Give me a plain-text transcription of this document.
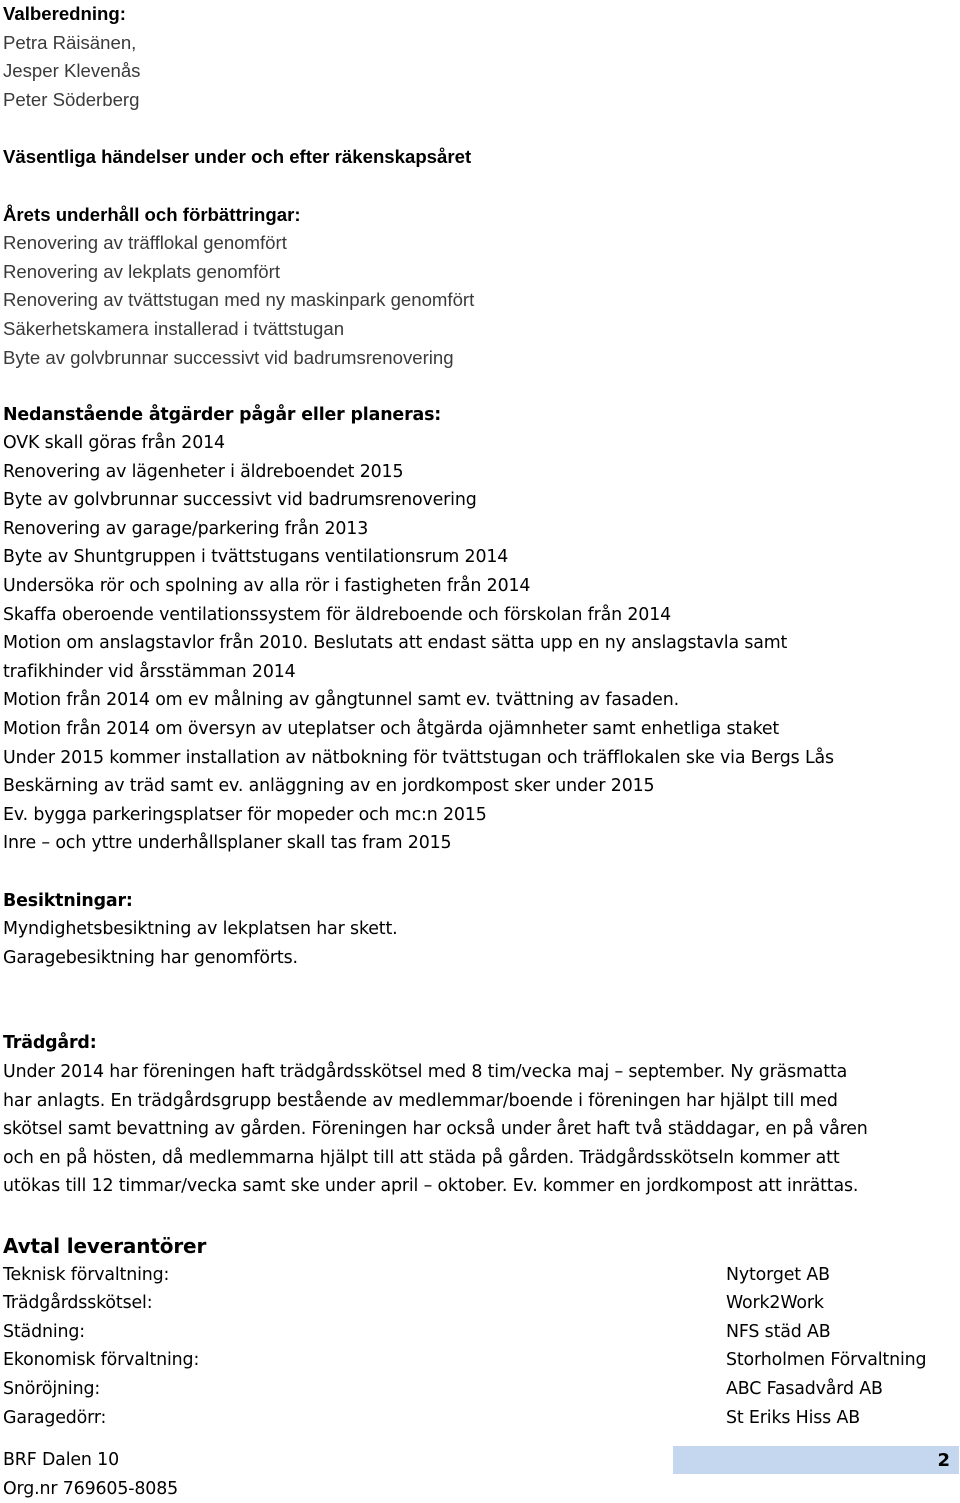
Valberedning:
Petra Räisänen,
Jesper Klevenås
Peter Söderberg
Väsentliga händelser under och efter räkenskapsåret
Årets underhåll och förbättringar:
Renovering av träfflokal genomfört
Renovering av lekplats genomfört
Renovering av tvättstugan med ny maskinpark genomfört
Säkerhetskamera installerad i tvättstugan
Byte av golvbrunnar successivt vid badrumsrenovering
Nedanstående åtgärder pågår eller planeras:
OVK skall göras från 2014
Renovering av lägenheter i äldreboendet 2015
Byte av golvbrunnar successivt vid badrumsrenovering
Renovering av garage/parkering från 2013
Byte av Shuntgruppen i tvättstugans ventilationsrum 2014
Undersöka rör och spolning av alla rör i fastigheten från 2014
Skaffa oberoende ventilationssystem för äldreboende och förskolan från 2014
Motion om anslagstavlor från 2010. Beslutats att endast sätta upp en ny anslagstavla samt
trafikhinder vid årsstämman 2014
Motion från 2014 om ev målning av gångtunnel samt ev. tvättning av fasaden.
Motion från 2014 om översyn av uteplatser och åtgärda ojämnheter samt enhetliga staket
Under 2015 kommer installation av nätbokning för tvättstugan och träfflokalen ske via Bergs Lås
Beskärning av träd samt ev. anläggning av en jordkompost sker under 2015
Ev. bygga parkeringsplatser för mopeder och mc:n 2015
Inre – och yttre underhållsplaner skall tas fram 2015
Besiktningar:
Myndighetsbesiktning av lekplatsen har skett.
Garagebesiktning har genomförts.
Trädgård:
Under 2014 har föreningen haft trädgårdsskötsel med 8 tim/vecka maj – september. Ny gräsmatta
har anlagts. En trädgårdsgrupp bestående av medlemmar/boende i föreningen har hjälpt till med
skötsel samt bevattning av gården. Föreningen har också under året haft två städdagar, en på våren
och en på hösten, då medlemmarna hjälpt till att städa på gården. Trädgårdsskötseln kommer att
utökas till 12 timmar/vecka samt ske under april – oktober. Ev. kommer en jordkompost att inrättas.
Avtal leverantörer
Teknisk förvaltning:	Nytorget AB
Trädgårdsskötsel:	Work2Work
Städning:	NFS städ AB
Ekonomisk förvaltning:	Storholmen Förvaltning
Snöröjning:	ABC Fasadvård AB
Garagedörr:	St Eriks Hiss AB
BRF Dalen 10
Org.nr 769605-8085
2
